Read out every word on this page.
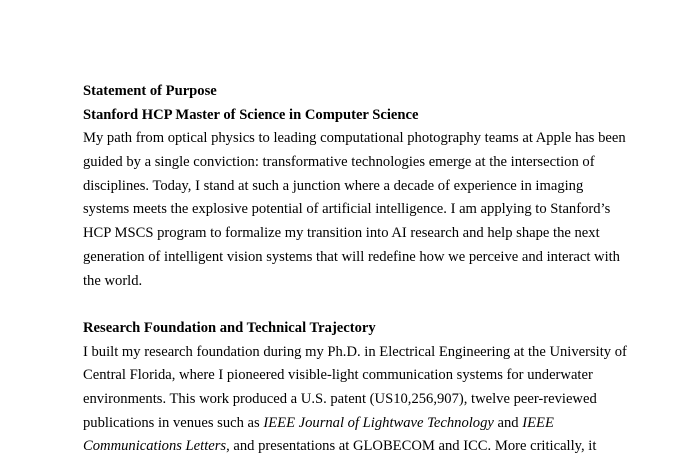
Statement of Purpose
Stanford HCP Master of Science in Computer Science
My path from optical physics to leading computational photography teams at Apple has been
guided by a single conviction: transformative technologies emerge at the intersection of
disciplines. Today, I stand at such a junction where a decade of experience in imaging
systems meets the explosive potential of artificial intelligence. I am applying to Stanford’s
HCP MSCS program to formalize my transition into AI research and help shape the next
generation of intelligent vision systems that will redefine how we perceive and interact with
the world.
Research Foundation and Technical Trajectory
I built my research foundation during my Ph.D. in Electrical Engineering at the University of
Central Florida, where I pioneered visible-light communication systems for underwater
environments. This work produced a U.S. patent (US10,256,907), twelve peer-reviewed
publications in venues such as IEEE Journal of Lightwave Technology and IEEE
Communications Letters, and presentations at GLOBECOM and ICC. More critically, it
